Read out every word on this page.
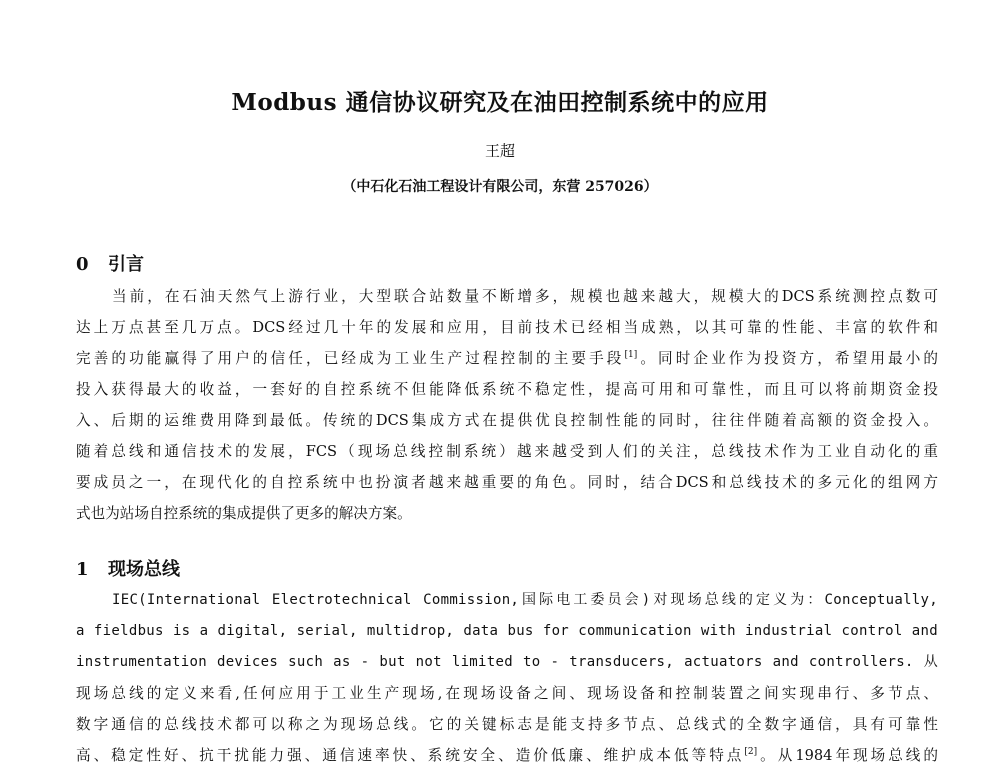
Modbus 通信协议研究及在油田控制系统中的应用
王超
（中石化石油工程设计有限公司，东营 257026）
0 引言
当前，在石油天然气上游行业，大型联合站数量不断增多，规模也越来越大，规模大的DCS系统测控点数可
达上万点甚至几万点。DCS经过几十年的发展和应用，目前技术已经相当成熟，以其可靠的性能、丰富的软件和
完善的功能赢得了用户的信任，已经成为工业生产过程控制的主要手段[1]。同时企业作为投资方，希望用最小的
投入获得最大的收益，一套好的自控系统不但能降低系统不稳定性，提高可用和可靠性，而且可以将前期资金投
入、后期的运维费用降到最低。传统的DCS集成方式在提供优良控制性能的同时，往往伴随着高额的资金投入。
随着总线和通信技术的发展，FCS（现场总线控制系统）越来越受到人们的关注，总线技术作为工业自动化的重
要成员之一，在现代化的自控系统中也扮演者越来越重要的角色。同时，结合DCS和总线技术的多元化的组网方
式也为站场自控系统的集成提供了更多的解决方案。
1 现场总线
IEC(International Electrotechnical Commission,国际电工委员会)对现场总线的定义为：Conceptually,
a fieldbus is a digital, serial, multidrop, data bus for communication with industrial control and
instrumentation devices such as - but not limited to - transducers, actuators and controllers. 从
现场总线的定义来看,任何应用于工业生产现场,在现场设备之间、现场设备和控制装置之间实现串行、多节点、
数字通信的总线技术都可以称之为现场总线。它的关键标志是能支持多节点、总线式的全数字通信，具有可靠性
高、稳定性好、抗干扰能力强、通信速率快、系统安全、造价低廉、维护成本低等特点[2]。从1984年现场总线的
